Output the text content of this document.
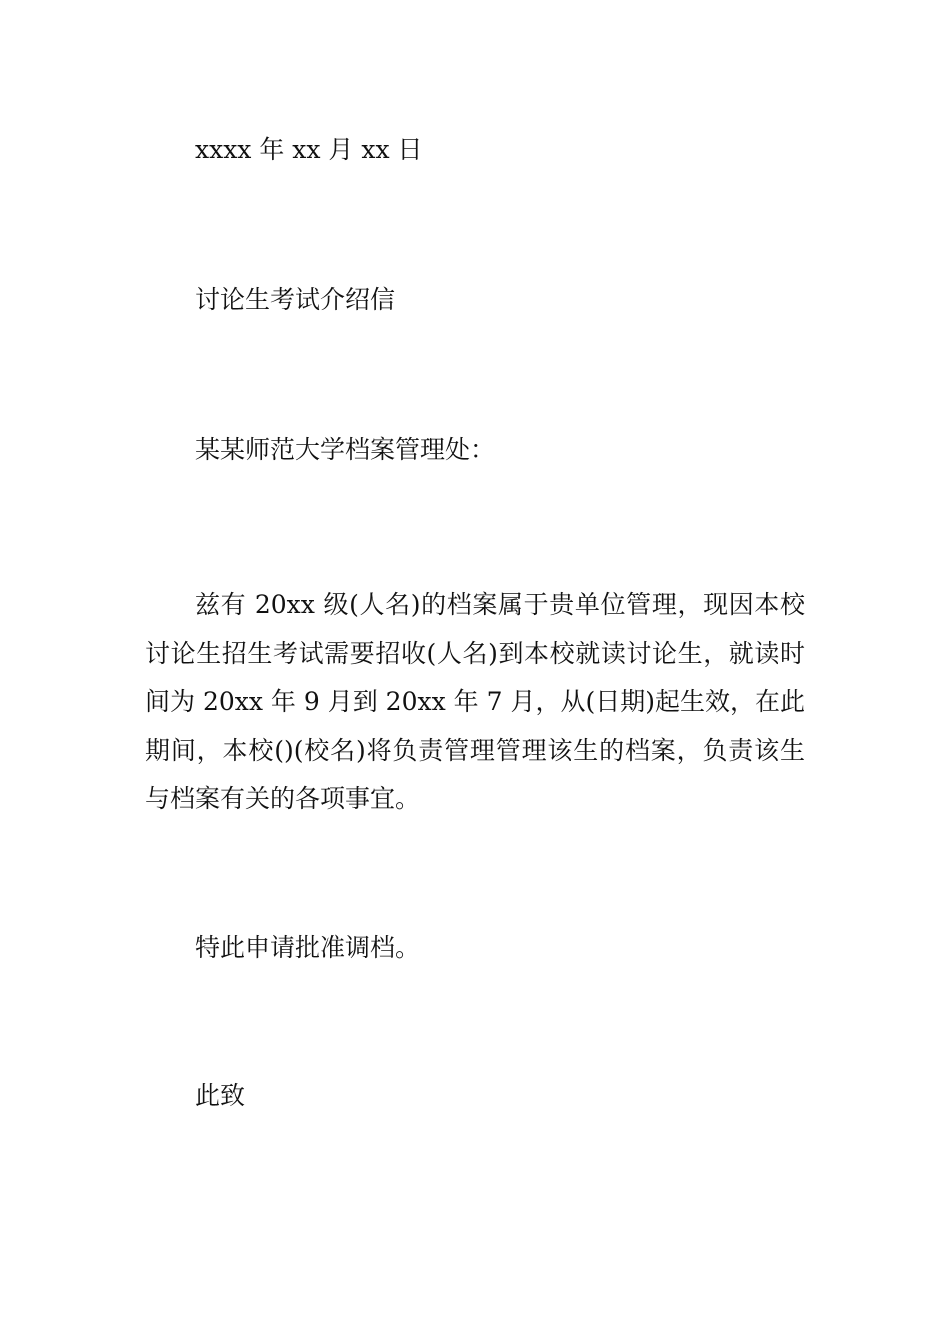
xxxx 年 xx 月 xx 日
讨论生考试介绍信
某某师范大学档案管理处：
兹有 20xx 级(人名)的档案属于贵单位管理，现因本校讨论生招生考试需要招收(人名)到本校就读讨论生，就读时间为 20xx 年 9 月到 20xx 年 7 月，从(日期)起生效，在此期间，本校()(校名)将负责管理管理该生的档案，负责该生与档案有关的各项事宜。
特此申请批准调档。
此致
